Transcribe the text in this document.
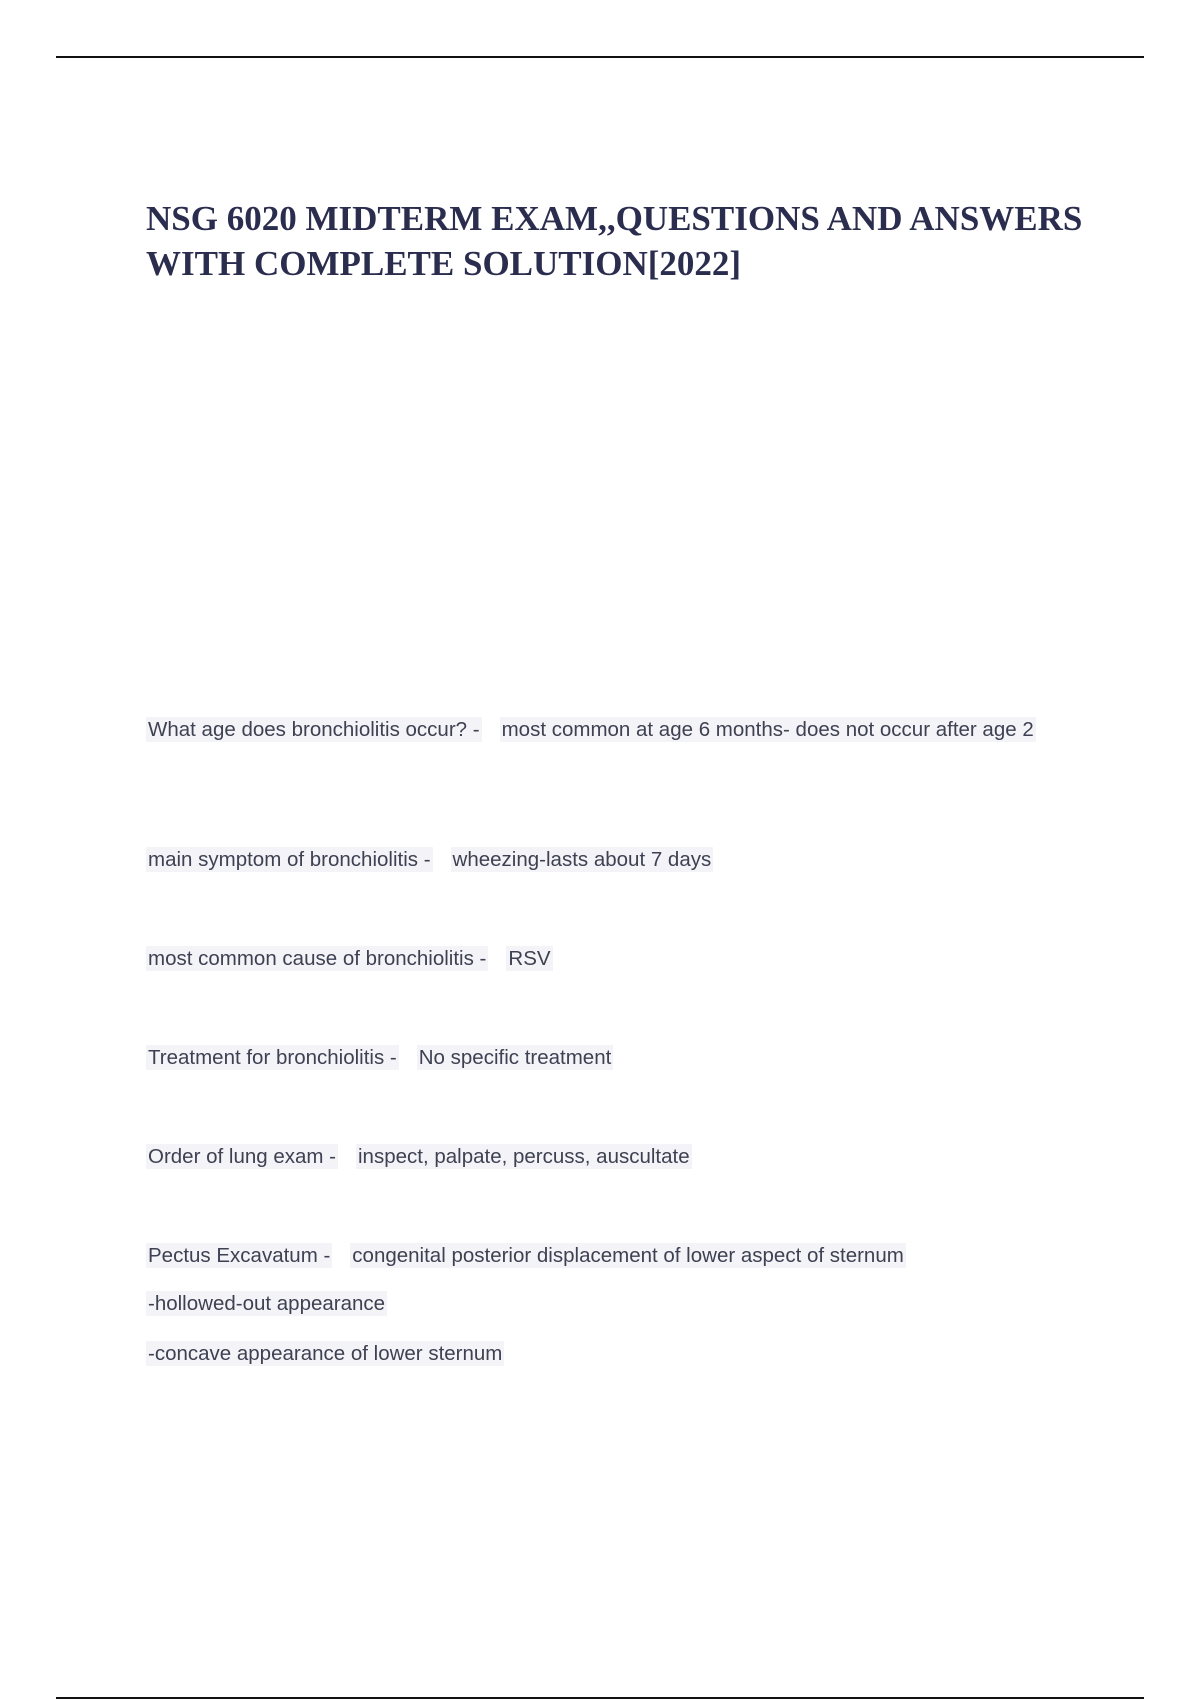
NSG 6020 MIDTERM EXAM,,QUESTIONS AND ANSWERS WITH COMPLETE SOLUTION[2022]

What age does bronchiolitis occur? - most common at age 6 months- does not occur after age 2

main symptom of bronchiolitis - wheezing-lasts about 7 days

most common cause of bronchiolitis - RSV

Treatment for bronchiolitis - No specific treatment

Order of lung exam - inspect, palpate, percuss, auscultate

Pectus Excavatum - congenital posterior displacement of lower aspect of sternum

-hollowed-out appearance

-concave appearance of lower sternum
